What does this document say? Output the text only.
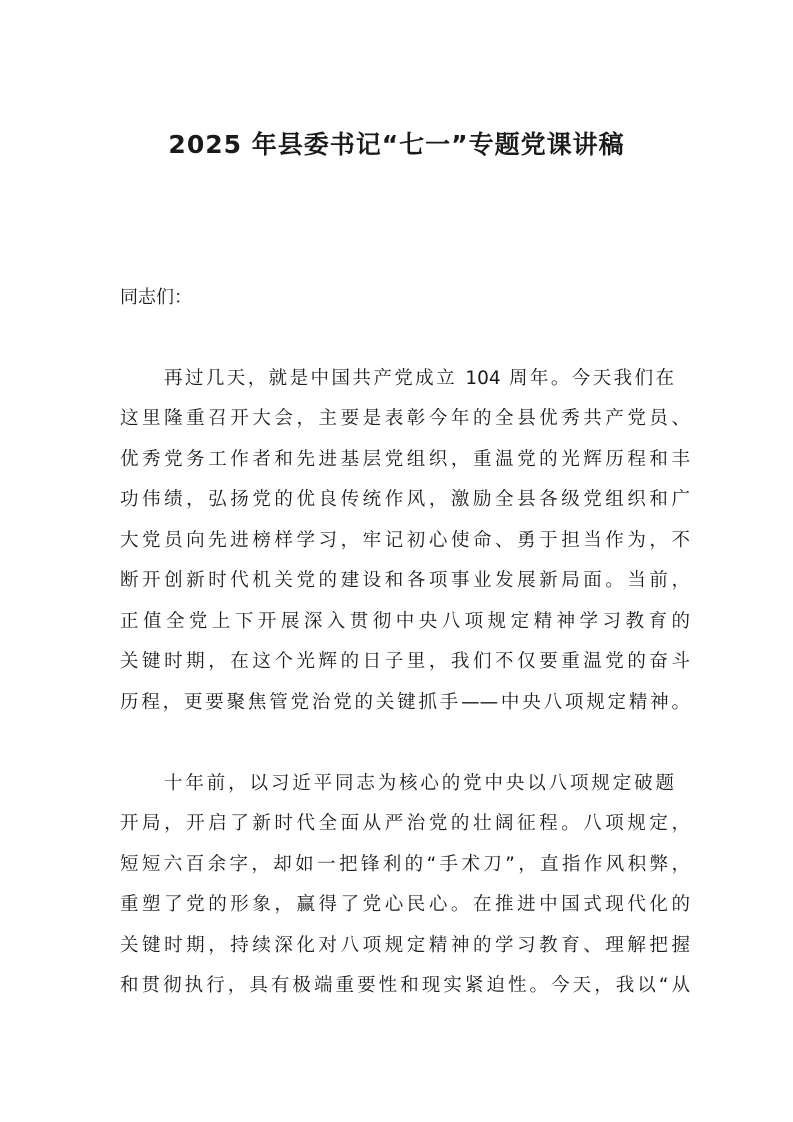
2025 年县委书记“七一”专题党课讲稿
同志们：
再过几天，就是中国共产党成立 104 周年。今天我们在
这里隆重召开大会，主要是表彰今年的全县优秀共产党员、
优秀党务工作者和先进基层党组织，重温党的光辉历程和丰
功伟绩，弘扬党的优良传统作风，激励全县各级党组织和广
大党员向先进榜样学习，牢记初心使命、勇于担当作为，不
断开创新时代机关党的建设和各项事业发展新局面。当前，
正值全党上下开展深入贯彻中央八项规定精神学习教育的
关键时期，在这个光辉的日子里，我们不仅要重温党的奋斗
历程，更要聚焦管党治党的关键抓手——中央八项规定精神。
十年前，以习近平同志为核心的党中央以八项规定破题
开局，开启了新时代全面从严治党的壮阔征程。八项规定，
短短六百余字，却如一把锋利的“手术刀”，直指作风积弊，
重塑了党的形象，赢得了党心民心。在推进中国式现代化的
关键时期，持续深化对八项规定精神的学习教育、理解把握
和贯彻执行，具有极端重要性和现实紧迫性。今天，我以“从
